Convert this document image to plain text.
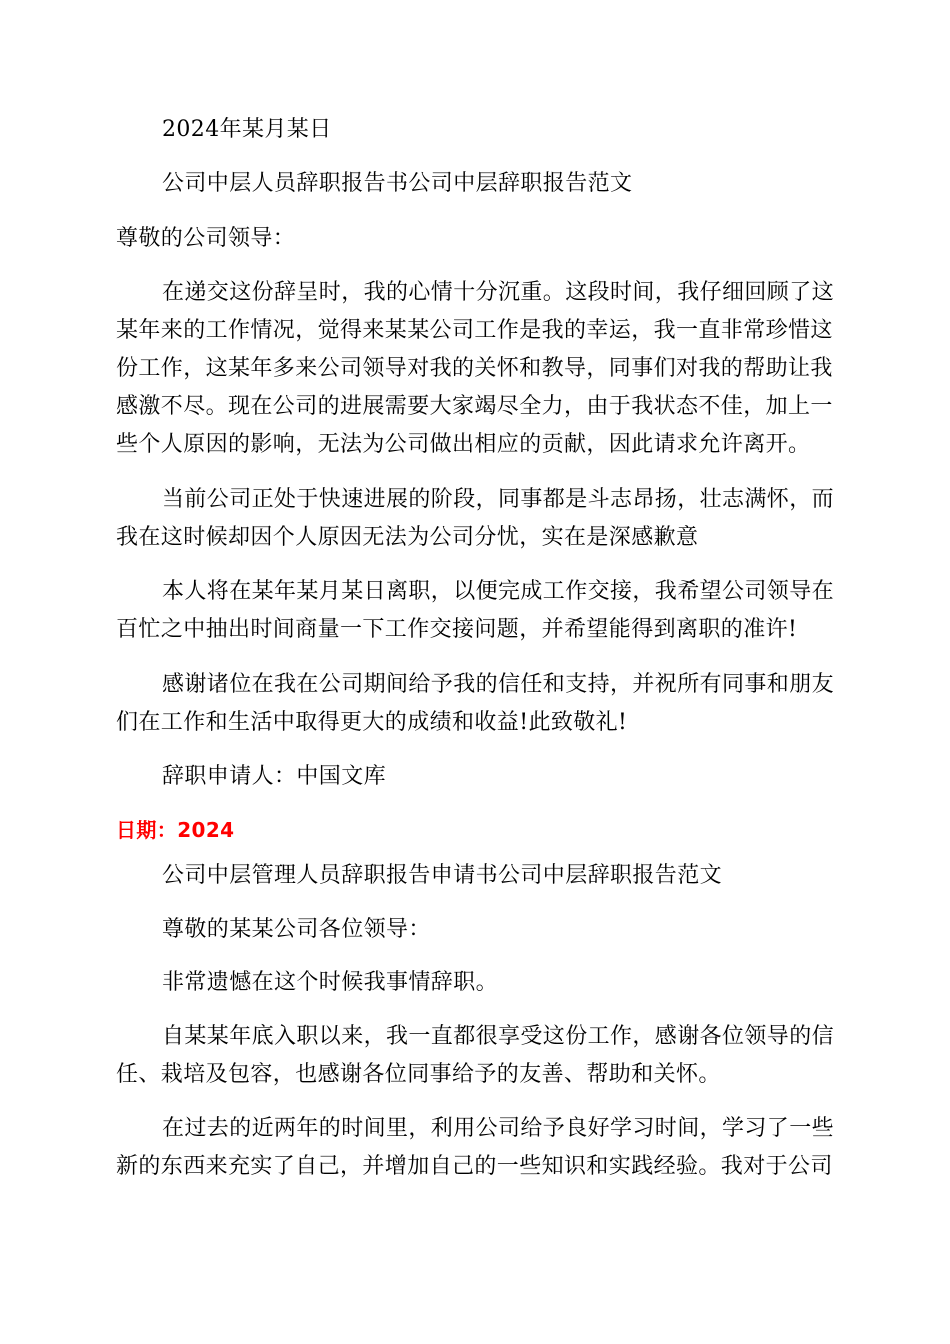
2024年某月某日
公司中层人员辞职报告书公司中层辞职报告范文
尊敬的公司领导：
在递交这份辞呈时，我的心情十分沉重。这段时间，我仔细回顾了这
某年来的工作情况，觉得来某某公司工作是我的幸运，我一直非常珍惜这
份工作，这某年多来公司领导对我的关怀和教导，同事们对我的帮助让我
感激不尽。现在公司的进展需要大家竭尽全力，由于我状态不佳，加上一
些个人原因的影响，无法为公司做出相应的贡献，因此请求允许离开。
当前公司正处于快速进展的阶段，同事都是斗志昂扬，壮志满怀，而
我在这时候却因个人原因无法为公司分忧，实在是深感歉意
本人将在某年某月某日离职，以便完成工作交接，我希望公司领导在
百忙之中抽出时间商量一下工作交接问题，并希望能得到离职的准许!
感谢诸位在我在公司期间给予我的信任和支持，并祝所有同事和朋友
们在工作和生活中取得更大的成绩和收益!此致敬礼!
辞职申请人：中国文库
日期：2024
公司中层管理人员辞职报告申请书公司中层辞职报告范文
尊敬的某某公司各位领导：
非常遗憾在这个时候我事情辞职。
自某某年底入职以来，我一直都很享受这份工作，感谢各位领导的信
任、栽培及包容，也感谢各位同事给予的友善、帮助和关怀。
在过去的近两年的时间里，利用公司给予良好学习时间，学习了一些
新的东西来充实了自己，并增加自己的一些知识和实践经验。我对于公司
